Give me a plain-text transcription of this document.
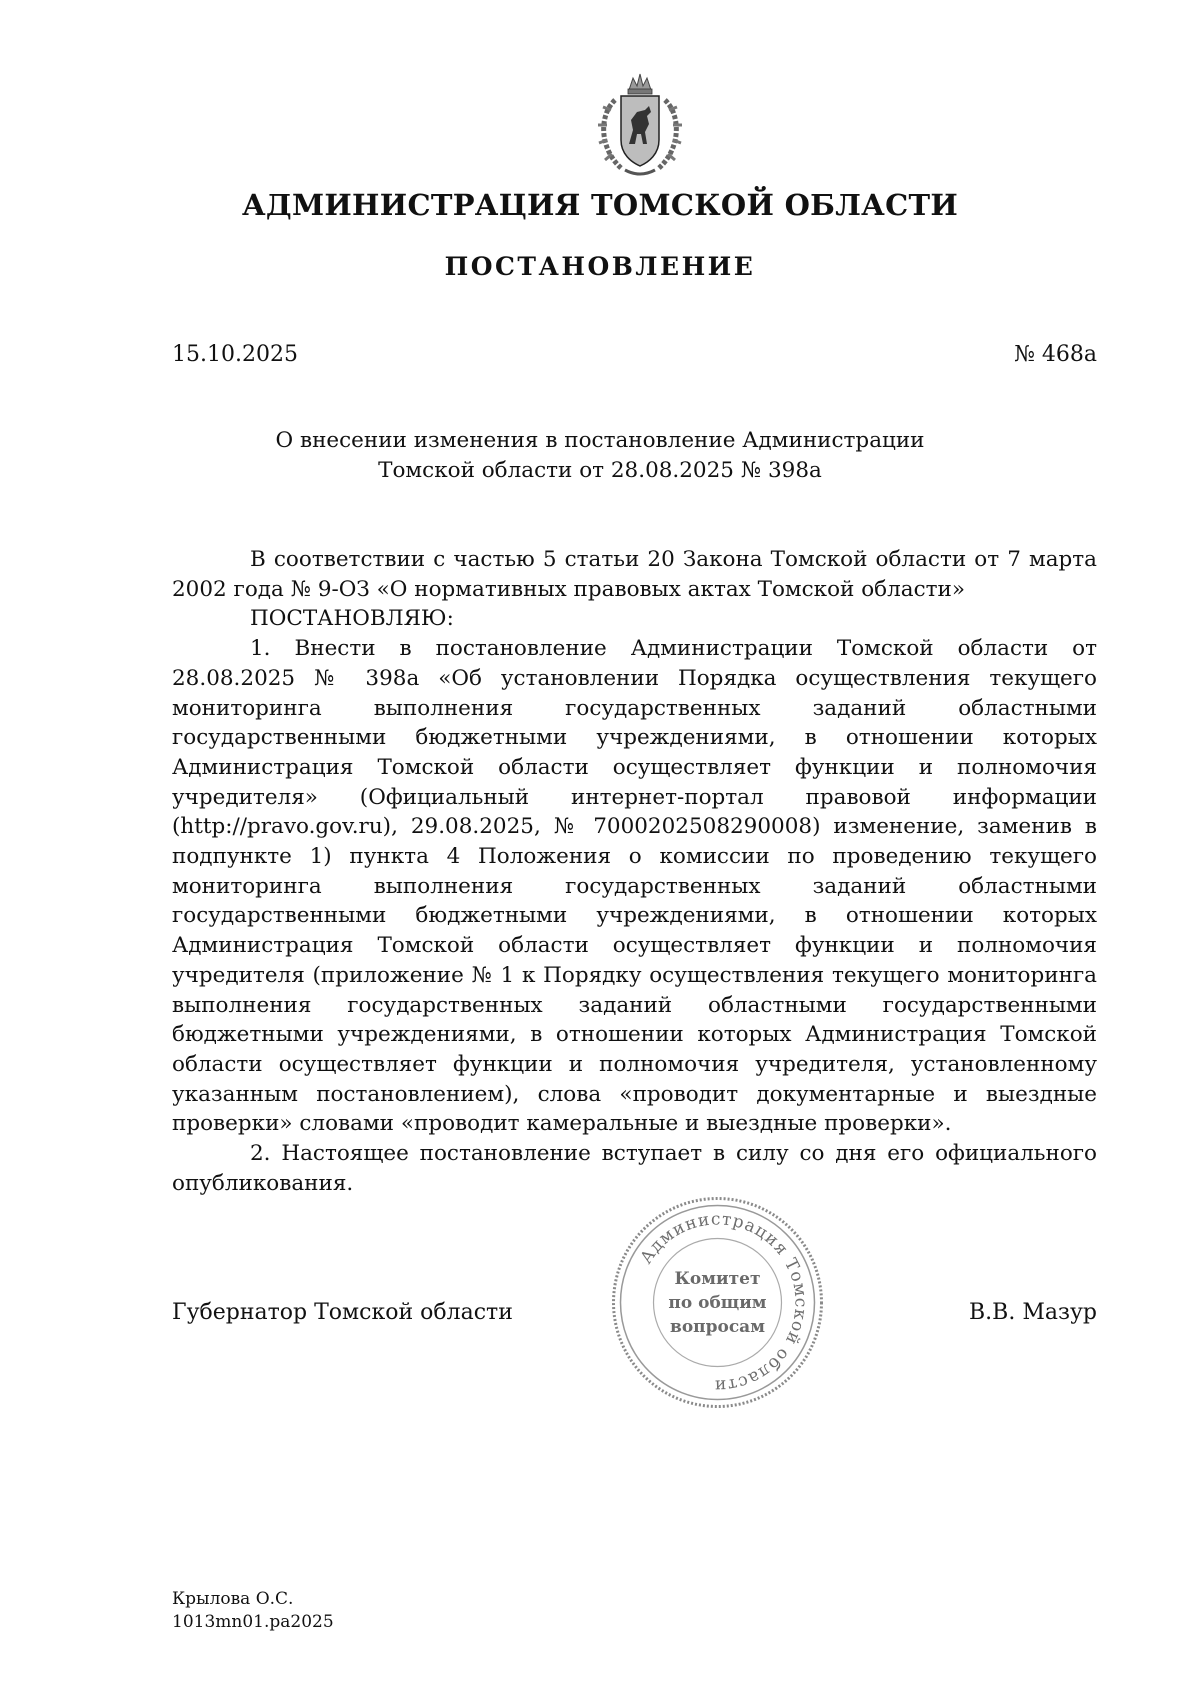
АДМИНИСТРАЦИЯ ТОМСКОЙ ОБЛАСТИ
ПОСТАНОВЛЕНИЕ
15.10.2025	№ 468а
О внесении изменения в постановление Администрации
Томской области от 28.08.2025 № 398а

В соответствии с частью 5 статьи 20 Закона Томской области от 7 марта 2002 года № 9-ОЗ «О нормативных правовых актах Томской области»

ПОСТАНОВЛЯЮ:

1. Внести в постановление Администрации Томской области от 28.08.2025 № 398а «Об установлении Порядка осуществления текущего мониторинга выполнения государственных заданий областными государственными бюджетными учреждениями, в отношении которых Администрация Томской области осуществляет функции и полномочия учредителя» (Официальный интернет-портал правовой информации (http://pravo.gov.ru), 29.08.2025, № 7000202508290008) изменение, заменив в подпункте 1) пункта 4 Положения о комиссии по проведению текущего мониторинга выполнения государственных заданий областными государственными бюджетными учреждениями, в отношении которых Администрация Томской области осуществляет функции и полномочия учредителя (приложение № 1 к Порядку осуществления текущего мониторинга выполнения государственных заданий областными государственными бюджетными учреждениями, в отношении которых Администрация Томской области осуществляет функции и полномочия учредителя, установленному указанным постановлением), слова «проводит документарные и выездные проверки» словами «проводит камеральные и выездные проверки».

2. Настоящее постановление вступает в силу со дня его официального опубликования.

Губернатор Томской области
Администрация Томской области
Комитет
по общим
вопросам
В.В. Мазур
Крылова О.С.
1013mn01.pa2025
